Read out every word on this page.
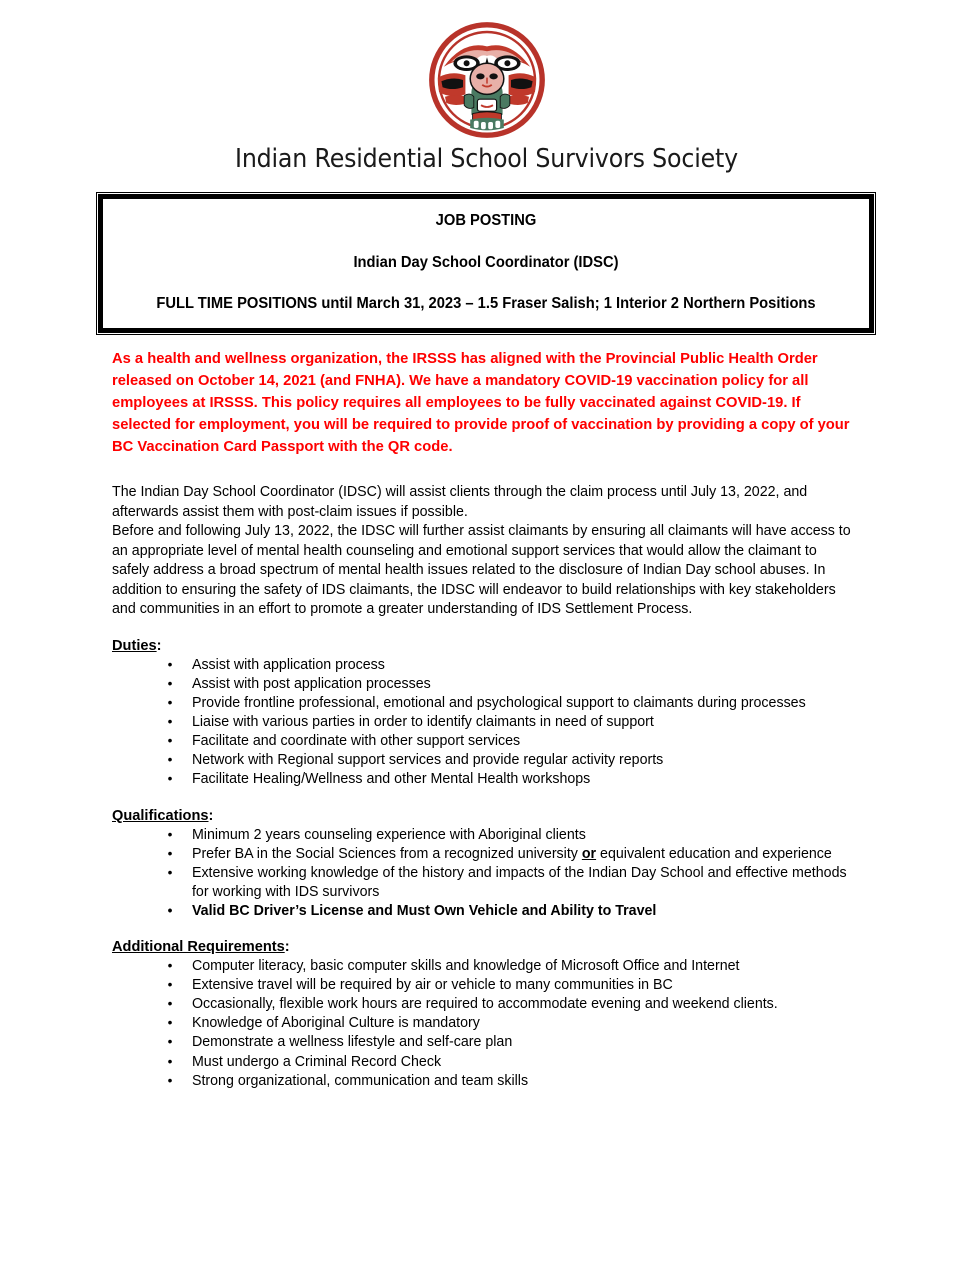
Indian Residential School Survivors Society
JOB POSTING
Indian Day School Coordinator (IDSC)
FULL TIME POSITIONS until March 31, 2023 – 1.5 Fraser Salish; 1 Interior 2 Northern Positions

As a health and wellness organization, the IRSSS has aligned with the Provincial Public Health Order released on October 14, 2021 (and FNHA). We have a mandatory COVID-19 vaccination policy for all employees at IRSSS. This policy requires all employees to be fully vaccinated against COVID-19. If selected for employment, you will be required to provide proof of vaccination by providing a copy of your BC Vaccination Card Passport with the QR code.

The Indian Day School Coordinator (IDSC) will assist clients through the claim process until July 13, 2022, and afterwards assist them with post-claim issues if possible.

Before and following July 13, 2022, the IDSC will further assist claimants by ensuring all claimants will have access to an appropriate level of mental health counseling and emotional support services that would allow the claimant to safely address a broad spectrum of mental health issues related to the disclosure of Indian Day school abuses. In addition to ensuring the safety of IDS claimants, the IDSC will endeavor to build relationships with key stakeholders and communities in an effort to promote a greater understanding of IDS Settlement Process.

Duties:
• Assist with application process
• Assist with post application processes
• Provide frontline professional, emotional and psychological support to claimants during processes
• Liaise with various parties in order to identify claimants in need of support
• Facilitate and coordinate with other support services
• Network with Regional support services and provide regular activity reports
• Facilitate Healing/Wellness and other Mental Health workshops
Qualifications:
• Minimum 2 years counseling experience with Aboriginal clients
• Prefer BA in the Social Sciences from a recognized university or equivalent education and experience
• Extensive working knowledge of the history and impacts of the Indian Day School and effective methods for working with IDS survivors
• Valid BC Driver’s License and Must Own Vehicle and Ability to Travel
Additional Requirements:
• Computer literacy, basic computer skills and knowledge of Microsoft Office and Internet
• Extensive travel will be required by air or vehicle to many communities in BC
• Occasionally, flexible work hours are required to accommodate evening and weekend clients.
• Knowledge of Aboriginal Culture is mandatory
• Demonstrate a wellness lifestyle and self-care plan
• Must undergo a Criminal Record Check
• Strong organizational, communication and team skills
